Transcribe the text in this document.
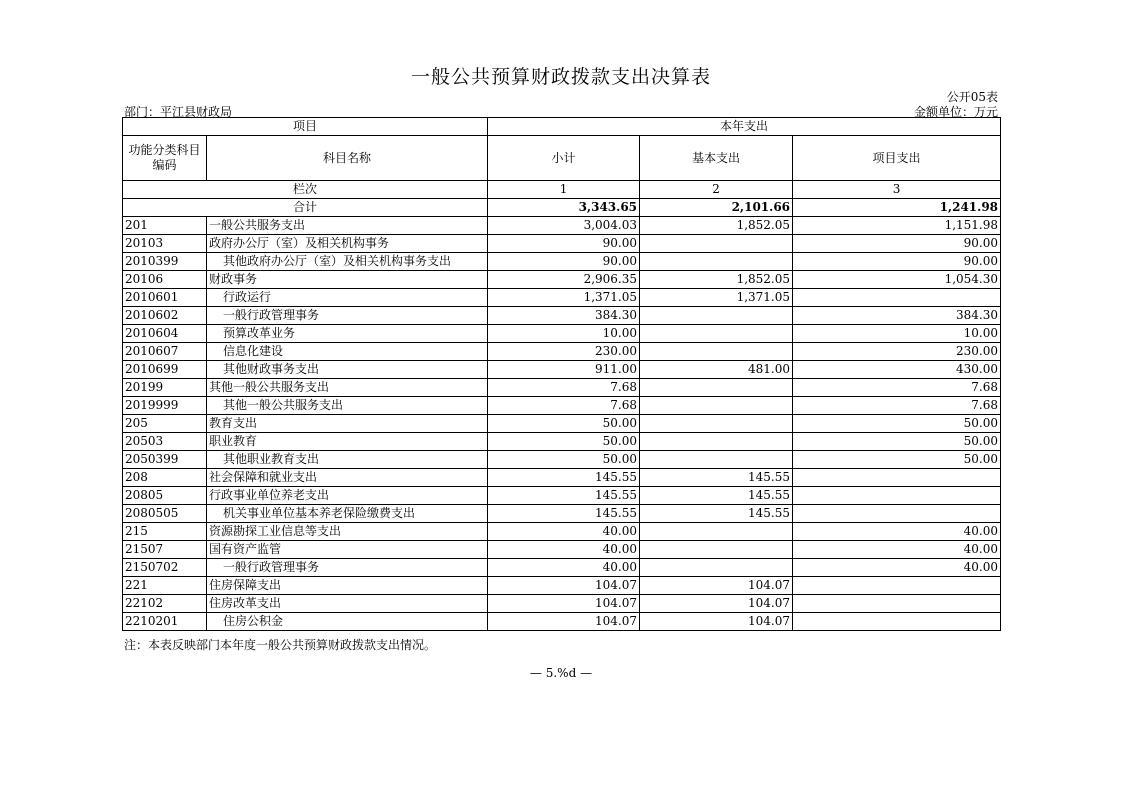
一般公共预算财政拨款支出决算表
公开05表
部门：平江县财政局	金额单位：万元
项目		本年支出		
功能分类科目编码	科目名称	小计	基本支出	项目支出
栏次		1	2	3
合计		3,343.65	2,101.66	1,241.98
201	一般公共服务支出	3,004.03	1,852.05	1,151.98
20103	政府办公厅（室）及相关机构事务	90.00		90.00
2010399	其他政府办公厅（室）及相关机构事务支出	90.00		90.00
20106	财政事务	2,906.35	1,852.05	1,054.30
2010601	行政运行	1,371.05	1,371.05	
2010602	一般行政管理事务	384.30		384.30
2010604	预算改革业务	10.00		10.00
2010607	信息化建设	230.00		230.00
2010699	其他财政事务支出	911.00	481.00	430.00
20199	其他一般公共服务支出	7.68		7.68
2019999	其他一般公共服务支出	7.68		7.68
205	教育支出	50.00		50.00
20503	职业教育	50.00		50.00
2050399	其他职业教育支出	50.00		50.00
208	社会保障和就业支出	145.55	145.55	
20805	行政事业单位养老支出	145.55	145.55	
2080505	机关事业单位基本养老保险缴费支出	145.55	145.55	
215	资源勘探工业信息等支出	40.00		40.00
21507	国有资产监管	40.00		40.00
2150702	一般行政管理事务	40.00		40.00
221	住房保障支出	104.07	104.07	
22102	住房改革支出	104.07	104.07	
2210201	住房公积金	104.07	104.07	
注：本表反映部门本年度一般公共预算财政拨款支出情况。
— 5.%d —
